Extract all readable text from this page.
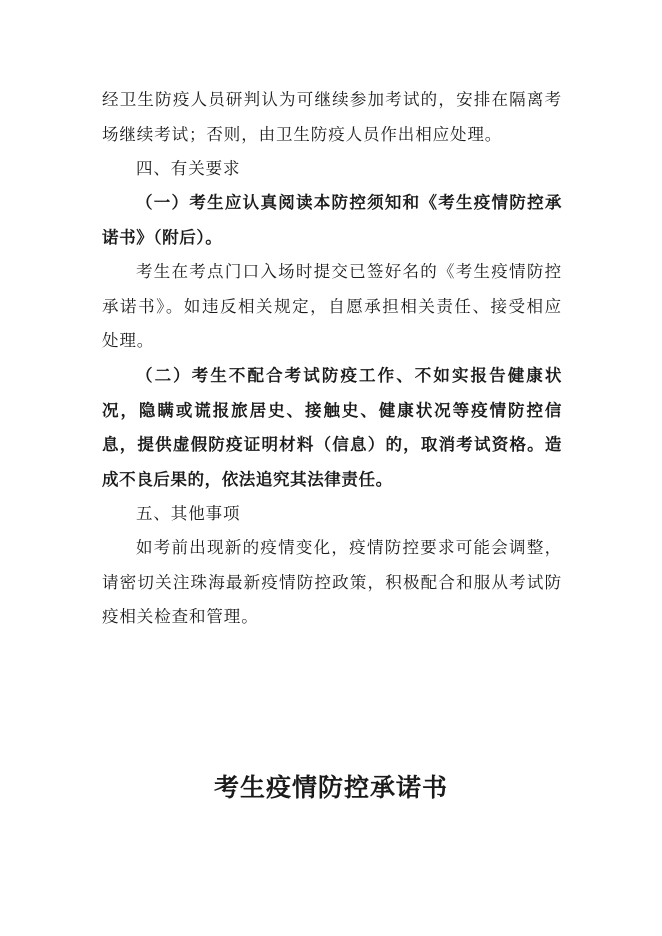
经卫生防疫人员研判认为可继续参加考试的，安排在隔离考场继续考试；否则，由卫生防疫人员作出相应处理。

四、有关要求

（一）考生应认真阅读本防控须知和《考生疫情防控承诺书》（附后）。

考生在考点门口入场时提交已签好名的《考生疫情防控承诺书》。如违反相关规定，自愿承担相关责任、接受相应处理。

（二）考生不配合考试防疫工作、不如实报告健康状况，隐瞒或谎报旅居史、接触史、健康状况等疫情防控信息，提供虚假防疫证明材料（信息）的，取消考试资格。造成不良后果的，依法追究其法律责任。

五、其他事项

如考前出现新的疫情变化，疫情防控要求可能会调整，请密切关注珠海最新疫情防控政策，积极配合和服从考试防疫相关检查和管理。

考生疫情防控承诺书
